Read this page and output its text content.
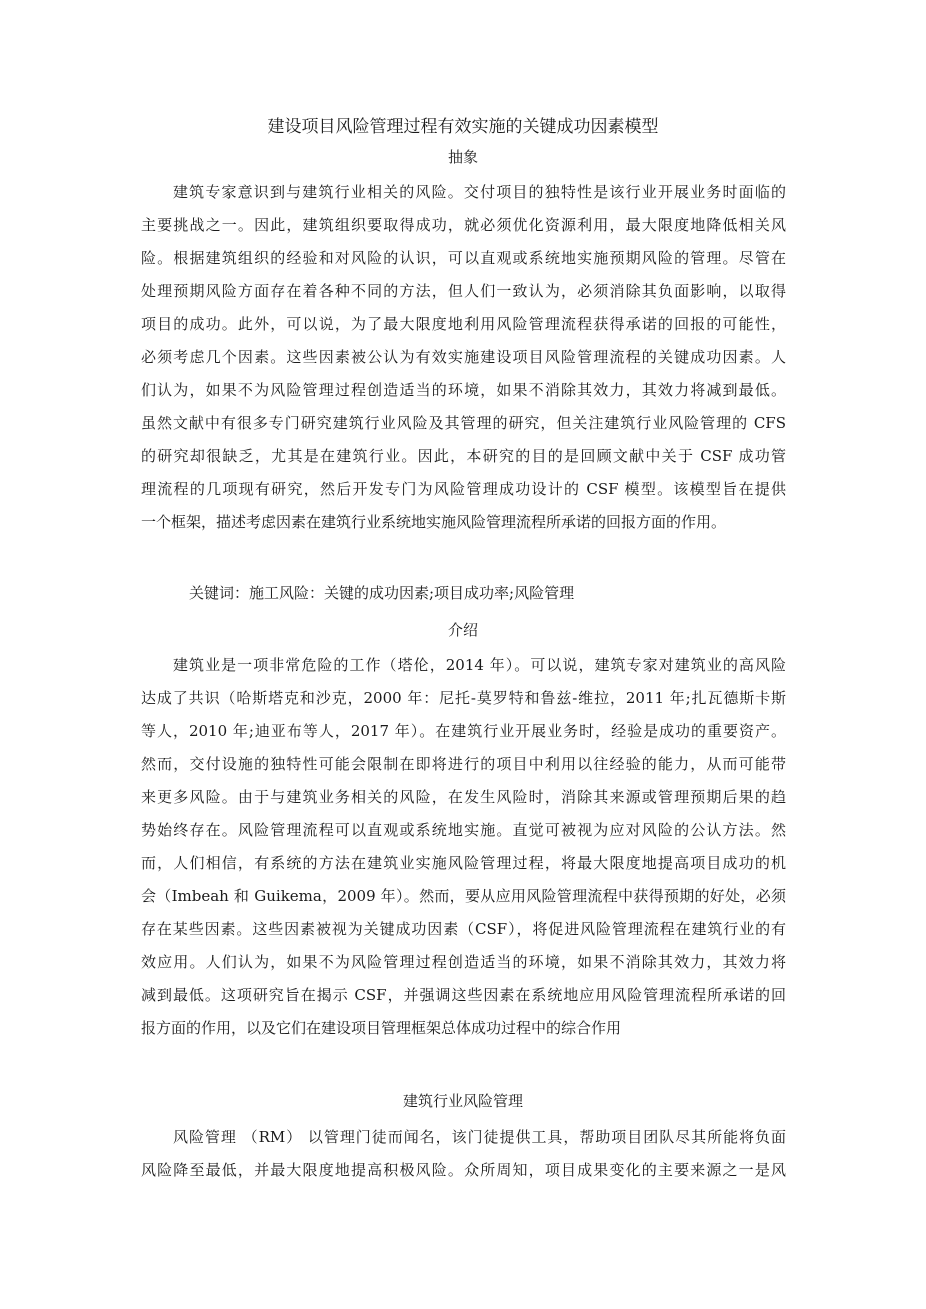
建设项目风险管理过程有效实施的关键成功因素模型
抽象
建筑专家意识到与建筑行业相关的风险。交付项目的独特性是该行业开展业务时面临的
主要挑战之一。因此，建筑组织要取得成功，就必须优化资源利用，最大限度地降低相关风
险。根据建筑组织的经验和对风险的认识，可以直观或系统地实施预期风险的管理。尽管在
处理预期风险方面存在着各种不同的方法，但人们一致认为，必须消除其负面影响，以取得
项目的成功。此外，可以说，为了最大限度地利用风险管理流程获得承诺的回报的可能性，
必须考虑几个因素。这些因素被公认为有效实施建设项目风险管理流程的关键成功因素。人
们认为，如果不为风险管理过程创造适当的环境，如果不消除其效力，其效力将减到最低。
虽然文献中有很多专门研究建筑行业风险及其管理的研究，但关注建筑行业风险管理的 CFS
的研究却很缺乏，尤其是在建筑行业。因此，本研究的目的是回顾文献中关于 CSF 成功管
理流程的几项现有研究，然后开发专门为风险管理成功设计的 CSF 模型。该模型旨在提供
一个框架，描述考虑因素在建筑行业系统地实施风险管理流程所承诺的回报方面的作用。
关键词：施工风险：关键的成功因素;项目成功率;风险管理
介绍
建筑业是一项非常危险的工作（塔伦，2014 年）。可以说，建筑专家对建筑业的高风险
达成了共识（哈斯塔克和沙克，2000 年：尼托-莫罗特和鲁兹-维拉，2011 年;扎瓦德斯卡斯
等人，2010 年;迪亚布等人，2017 年）。在建筑行业开展业务时，经验是成功的重要资产。
然而，交付设施的独特性可能会限制在即将进行的项目中利用以往经验的能力，从而可能带
来更多风险。由于与建筑业务相关的风险，在发生风险时，消除其来源或管理预期后果的趋
势始终存在。风险管理流程可以直观或系统地实施。直觉可被视为应对风险的公认方法。然
而，人们相信，有系统的方法在建筑业实施风险管理过程，将最大限度地提高项目成功的机
会（Imbeah 和 Guikema，2009 年）。然而，要从应用风险管理流程中获得预期的好处，必须
存在某些因素。这些因素被视为关键成功因素（CSF），将促进风险管理流程在建筑行业的有
效应用。人们认为，如果不为风险管理过程创造适当的环境，如果不消除其效力，其效力将
减到最低。这项研究旨在揭示 CSF，并强调这些因素在系统地应用风险管理流程所承诺的回
报方面的作用，以及它们在建设项目管理框架总体成功过程中的综合作用
建筑行业风险管理
风险管理 （RM） 以管理门徒而闻名，该门徒提供工具，帮助项目团队尽其所能将负面
风险降至最低，并最大限度地提高积极风险。众所周知，项目成果变化的主要来源之一是风
